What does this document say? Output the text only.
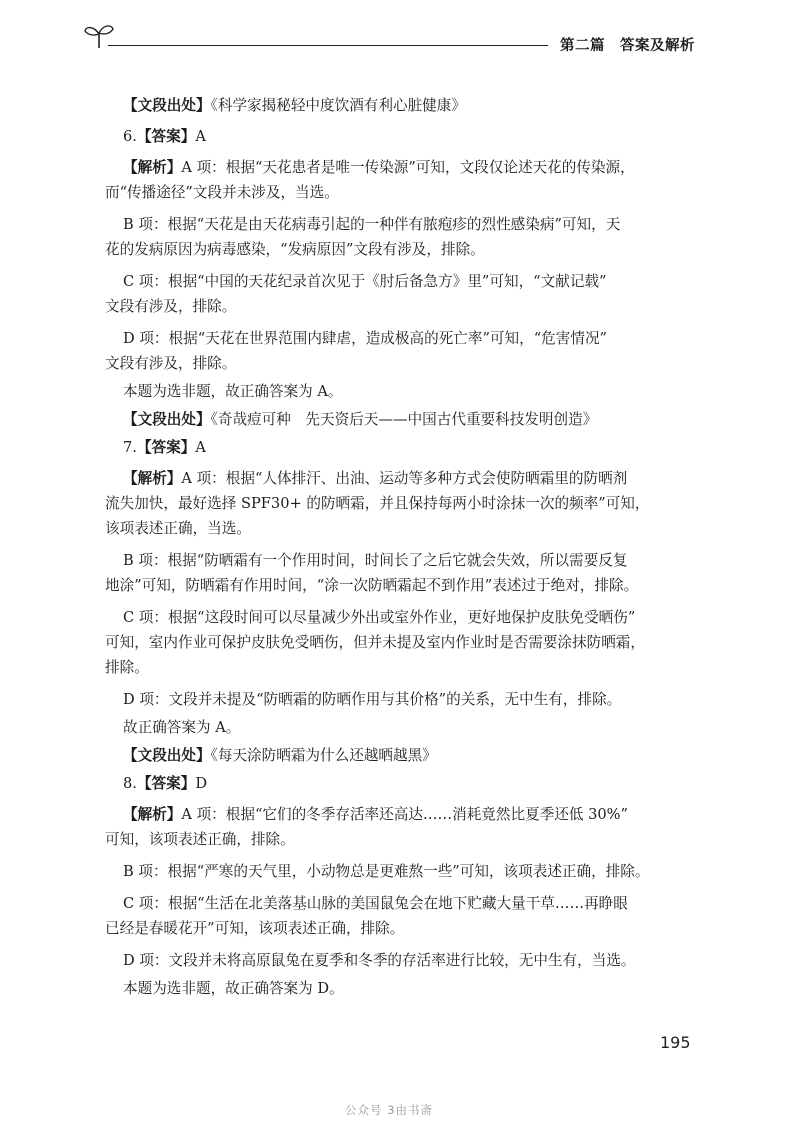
第二篇　答案及解析
【文段出处】《科学家揭秘轻中度饮酒有利心脏健康》
6.【答案】A
【解析】A 项：根据“天花患者是唯一传染源”可知，文段仅论述天花的传染源，
而“传播途径”文段并未涉及，当选。
B 项：根据“天花是由天花病毒引起的一种伴有脓疱疹的烈性感染病”可知，天
花的发病原因为病毒感染，“发病原因”文段有涉及，排除。
C 项：根据“中国的天花纪录首次见于《肘后备急方》里”可知，“文献记载”
文段有涉及，排除。
D 项：根据“天花在世界范围内肆虐，造成极高的死亡率”可知，“危害情况”
文段有涉及，排除。
本题为选非题，故正确答案为 A。
【文段出处】《奇哉痘可种　先天资后天——中国古代重要科技发明创造》
7.【答案】A
【解析】A 项：根据“人体排汗、出油、运动等多种方式会使防晒霜里的防晒剂
流失加快，最好选择 SPF30+ 的防晒霜，并且保持每两小时涂抹一次的频率”可知，
该项表述正确，当选。
B 项：根据“防晒霜有一个作用时间，时间长了之后它就会失效，所以需要反复
地涂”可知，防晒霜有作用时间，“涂一次防晒霜起不到作用”表述过于绝对，排除。
C 项：根据“这段时间可以尽量减少外出或室外作业，更好地保护皮肤免受晒伤”
可知，室内作业可保护皮肤免受晒伤，但并未提及室内作业时是否需要涂抹防晒霜，
排除。
D 项：文段并未提及“防晒霜的防晒作用与其价格”的关系，无中生有，排除。
故正确答案为 A。
【文段出处】《每天涂防晒霜为什么还越晒越黑》
8.【答案】D
【解析】A 项：根据“它们的冬季存活率还高达……消耗竟然比夏季还低 30%”
可知，该项表述正确，排除。
B 项：根据“严寒的天气里，小动物总是更难熬一些”可知，该项表述正确，排除。
C 项：根据“生活在北美落基山脉的美国鼠兔会在地下贮藏大量干草……再睁眼
已经是春暖花开”可知，该项表述正确，排除。
D 项：文段并未将高原鼠兔在夏季和冬季的存活率进行比较，无中生有，当选。
本题为选非题，故正确答案为 D。
195
公众号 3由书斋
